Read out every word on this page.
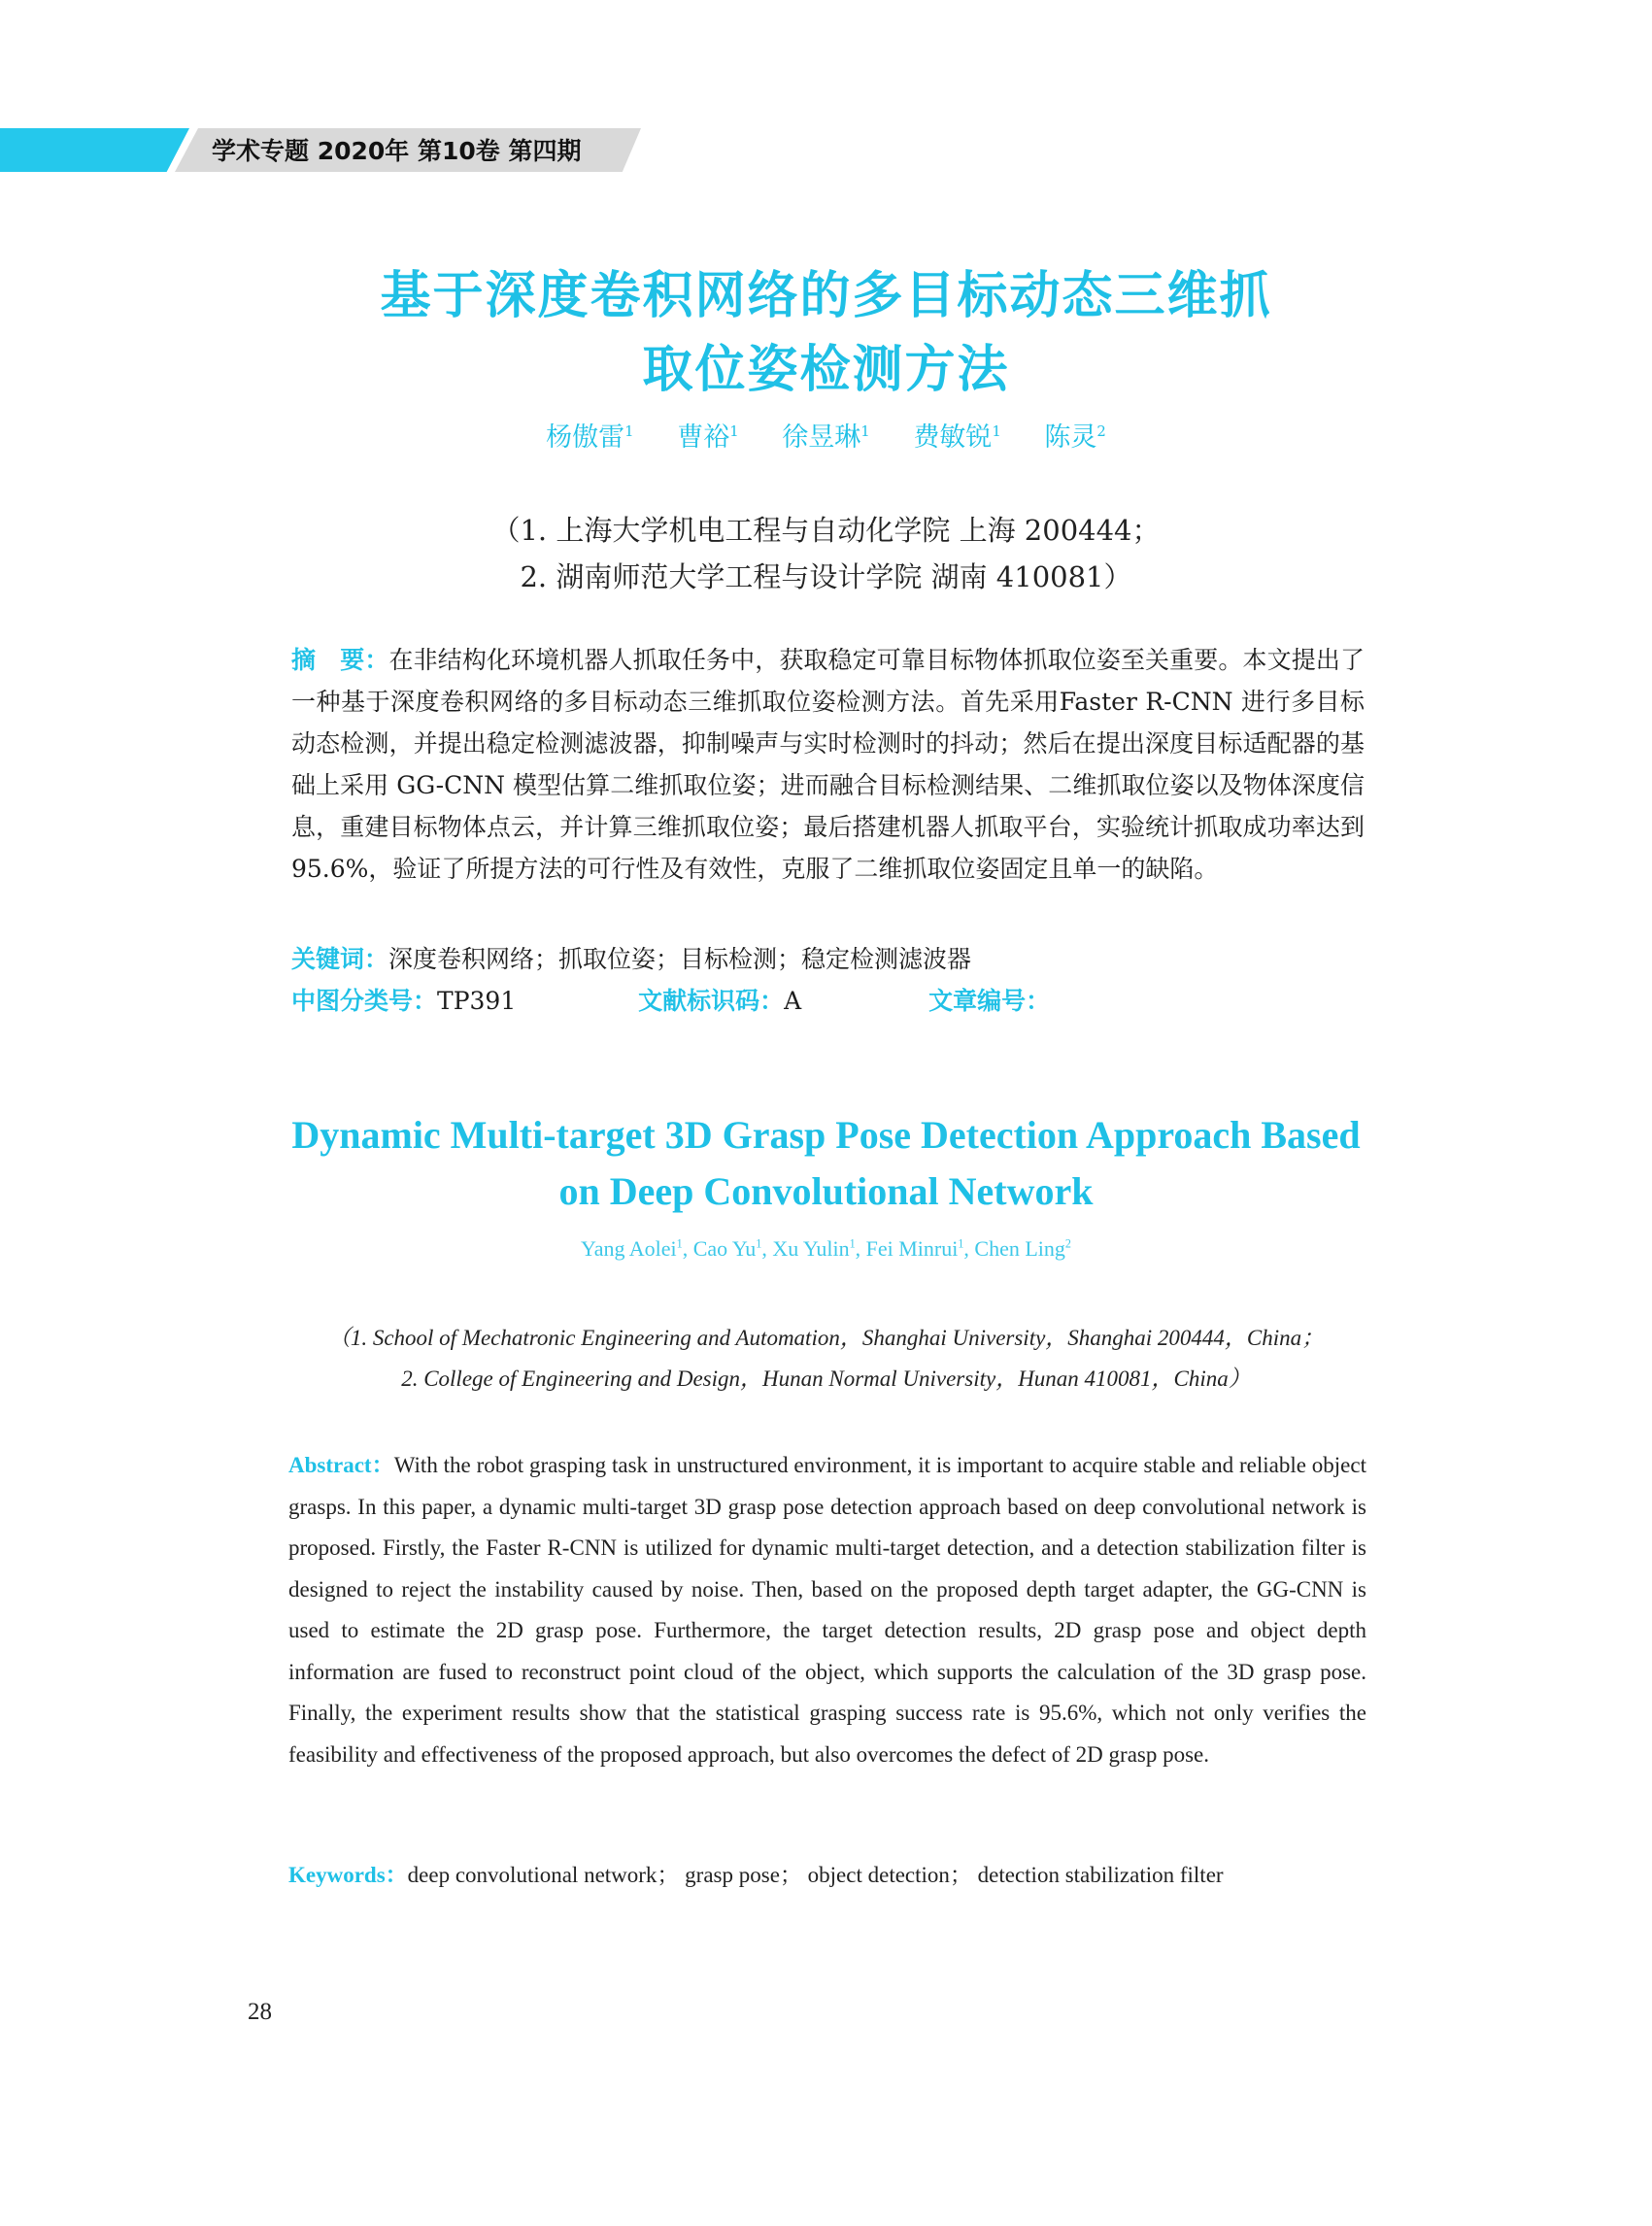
学术专题 2020年 第10卷 第四期
基于深度卷积网络的多目标动态三维抓
取位姿检测方法
杨傲雷$^1$ 曹裕$^1$ 徐昱琳$^1$ 费敏锐$^1$ 陈灵$^2$
（1. 上海大学机电工程与自动化学院 上海 200444；
2. 湖南师范大学工程与设计学院 湖南 410081）
摘　要：在非结构化环境机器人抓取任务中，获取稳定可靠目标物体抓取位姿至关重要。本文提出了一种基于深度卷积网络的多目标动态三维抓取位姿检测方法。首先采用Faster R-CNN 进行多目标动态检测，并提出稳定检测滤波器，抑制噪声与实时检测时的抖动；然后在提出深度目标适配器的基础上采用 GG-CNN 模型估算二维抓取位姿；进而融合目标检测结果、二维抓取位姿以及物体深度信息，重建目标物体点云，并计算三维抓取位姿；最后搭建机器人抓取平台，实验统计抓取成功率达到 95.6%，验证了所提方法的可行性及有效性，克服了二维抓取位姿固定且单一的缺陷。
关键词：深度卷积网络；抓取位姿；目标检测；稳定检测滤波器
中图分类号：TP391	文献标识码：A	文章编号：
Dynamic Multi-target 3D Grasp Pose Detection Approach Based
on Deep Convolutional Network
Yang Aolei$^1$, Cao Yu$^1$, Xu Yulin$^1$, Fei Minrui$^1$, Chen Ling$^2$
（1. School of Mechatronic Engineering and Automation，Shanghai University，Shanghai 200444，China；
2. College of Engineering and Design，Hunan Normal University，Hunan 410081，China）
Abstract：With the robot grasping task in unstructured environment, it is important to acquire stable and reliable object grasps. In this paper, a dynamic multi-target 3D grasp pose detection approach based on deep convolutional network is proposed. Firstly, the Faster R-CNN is utilized for dynamic multi-target detection, and a detection stabilization filter is designed to reject the instability caused by noise. Then, based on the proposed depth target adapter, the GG-CNN is used to estimate the 2D grasp pose. Furthermore, the target detection results, 2D grasp pose and object depth information are fused to reconstruct point cloud of the object, which supports the calculation of the 3D grasp pose. Finally, the experiment results show that the statistical grasping success rate is 95.6%, which not only verifies the feasibility and effectiveness of the proposed approach, but also overcomes the defect of 2D grasp pose.
Keywords：deep convolutional network； grasp pose； object detection； detection stabilization filter
28
